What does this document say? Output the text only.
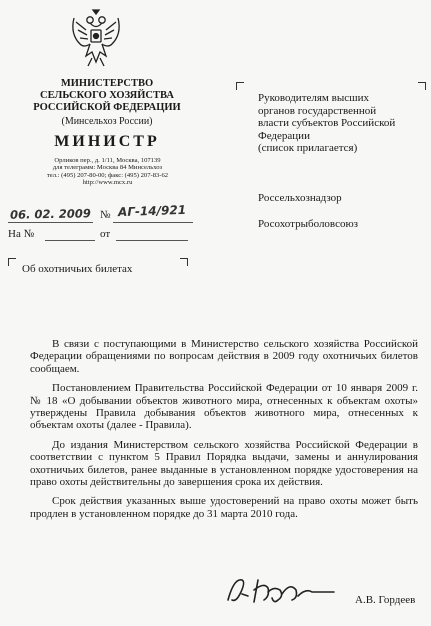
МИНИСТЕРСТВО
СЕЛЬСКОГО ХОЗЯЙСТВА
РОССИЙСКОЙ ФЕДЕРАЦИИ
(Минсельхоз России)
МИНИСТР
Орликов пер., д. 1/11, Москва, 107139
для телеграмм: Москва 84 Минсельхоз
тел.: (495) 207-80-00; факс: (495) 207-83-62
http://www.mcx.ru
06. 02. 2009 № АГ-14/921
На №	от
Руководителям высших
органов государственной
власти субъектов Российской
Федерации
(список прилагается)
Россельхознадзор
Росохотрыболовсоюз
Об охотничьих билетах

В связи с поступающими в Министерство сельского хозяйства Российской Федерации обращениями по вопросам действия в 2009 году охотничьих билетов сообщаем.

Постановлением Правительства Российской Федерации от 10 января 2009 г. № 18 «О добывании объектов животного мира, отнесенных к объектам охоты» утверждены Правила добывания объектов животного мира, отнесенных к объектам охоты (далее - Правила).

До издания Министерством сельского хозяйства Российской Федерации в соответствии с пунктом 5 Правил Порядка выдачи, замены и аннулирования охотничьих билетов, ранее выданные в установленном порядке удостоверения на право охоты действительны до завершения срока их действия.

Срок действия указанных выше удостоверений на право охоты может быть продлен в установленном порядке до 31 марта 2010 года.

А.В. Гордеев
